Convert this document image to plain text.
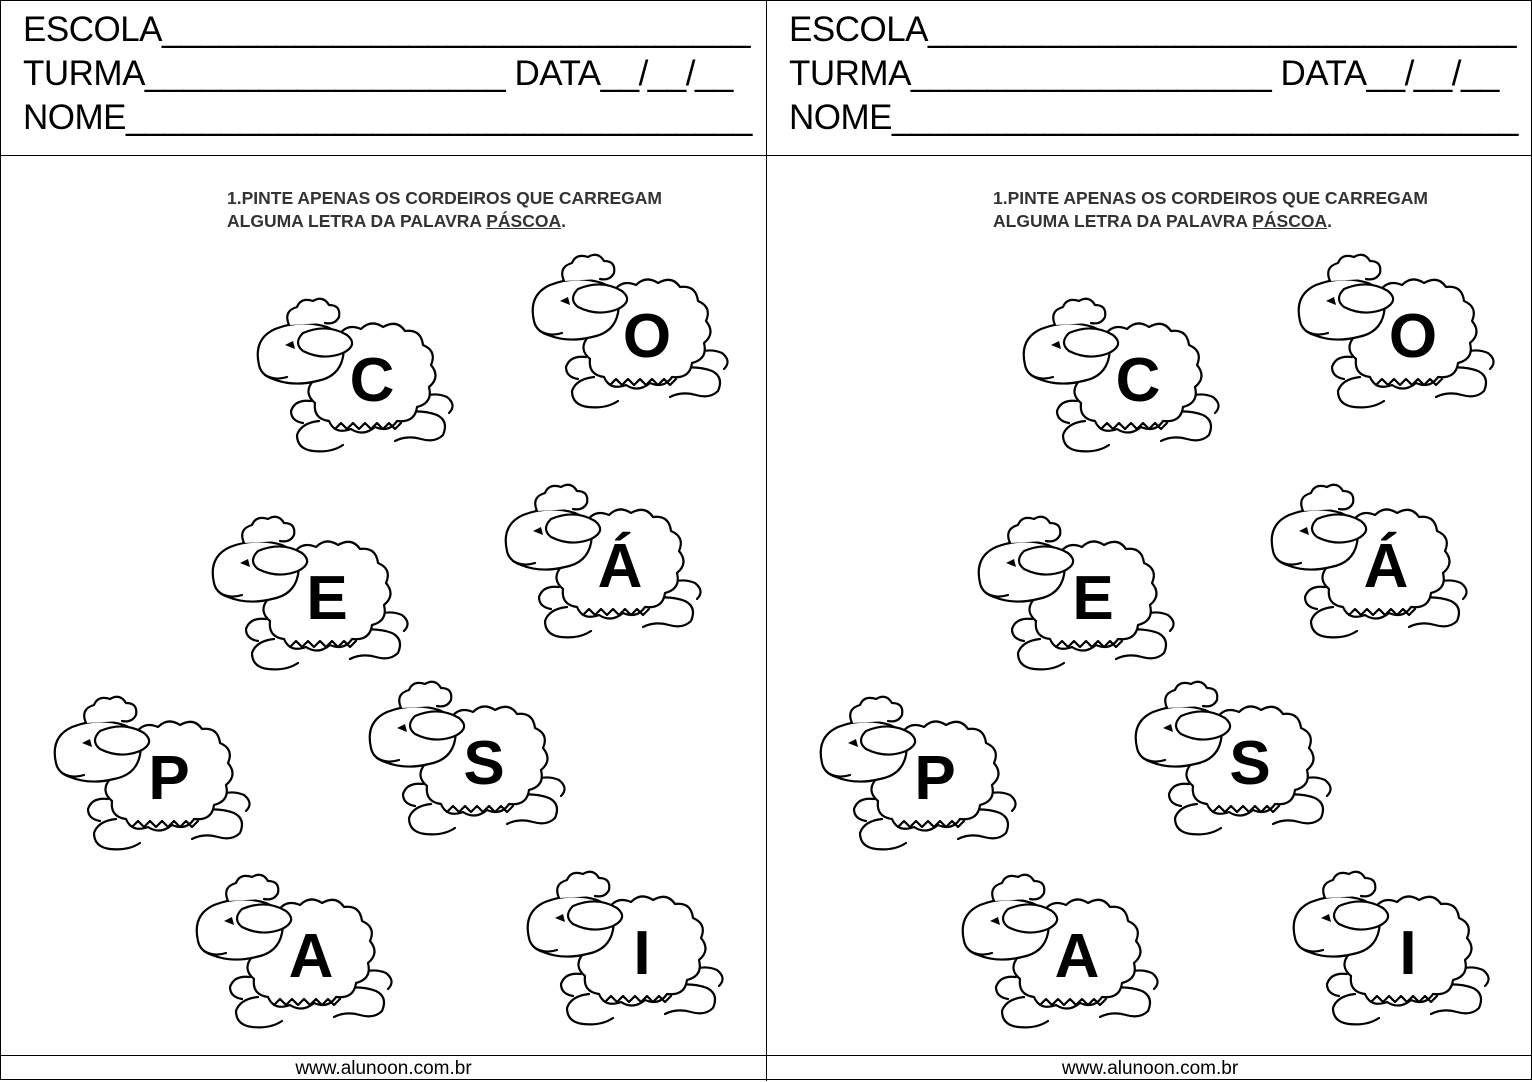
ESCOLA_______________________________
TURMA___________________ DATA__/__/__
NOME_________________________________
1.PINTE APENAS OS CORDEIROS QUE CARREGAM
ALGUMA LETRA DA PALAVRA PÁSCOA.
C
O
E	Á
P	S
A	I
www.alunoon.com.br
ESCOLA_______________________________
TURMA___________________ DATA__/__/__
NOME_________________________________
1.PINTE APENAS OS CORDEIROS QUE CARREGAM
ALGUMA LETRA DA PALAVRA PÁSCOA.
C
O
E	Á
P	S
A	I
www.alunoon.com.br
